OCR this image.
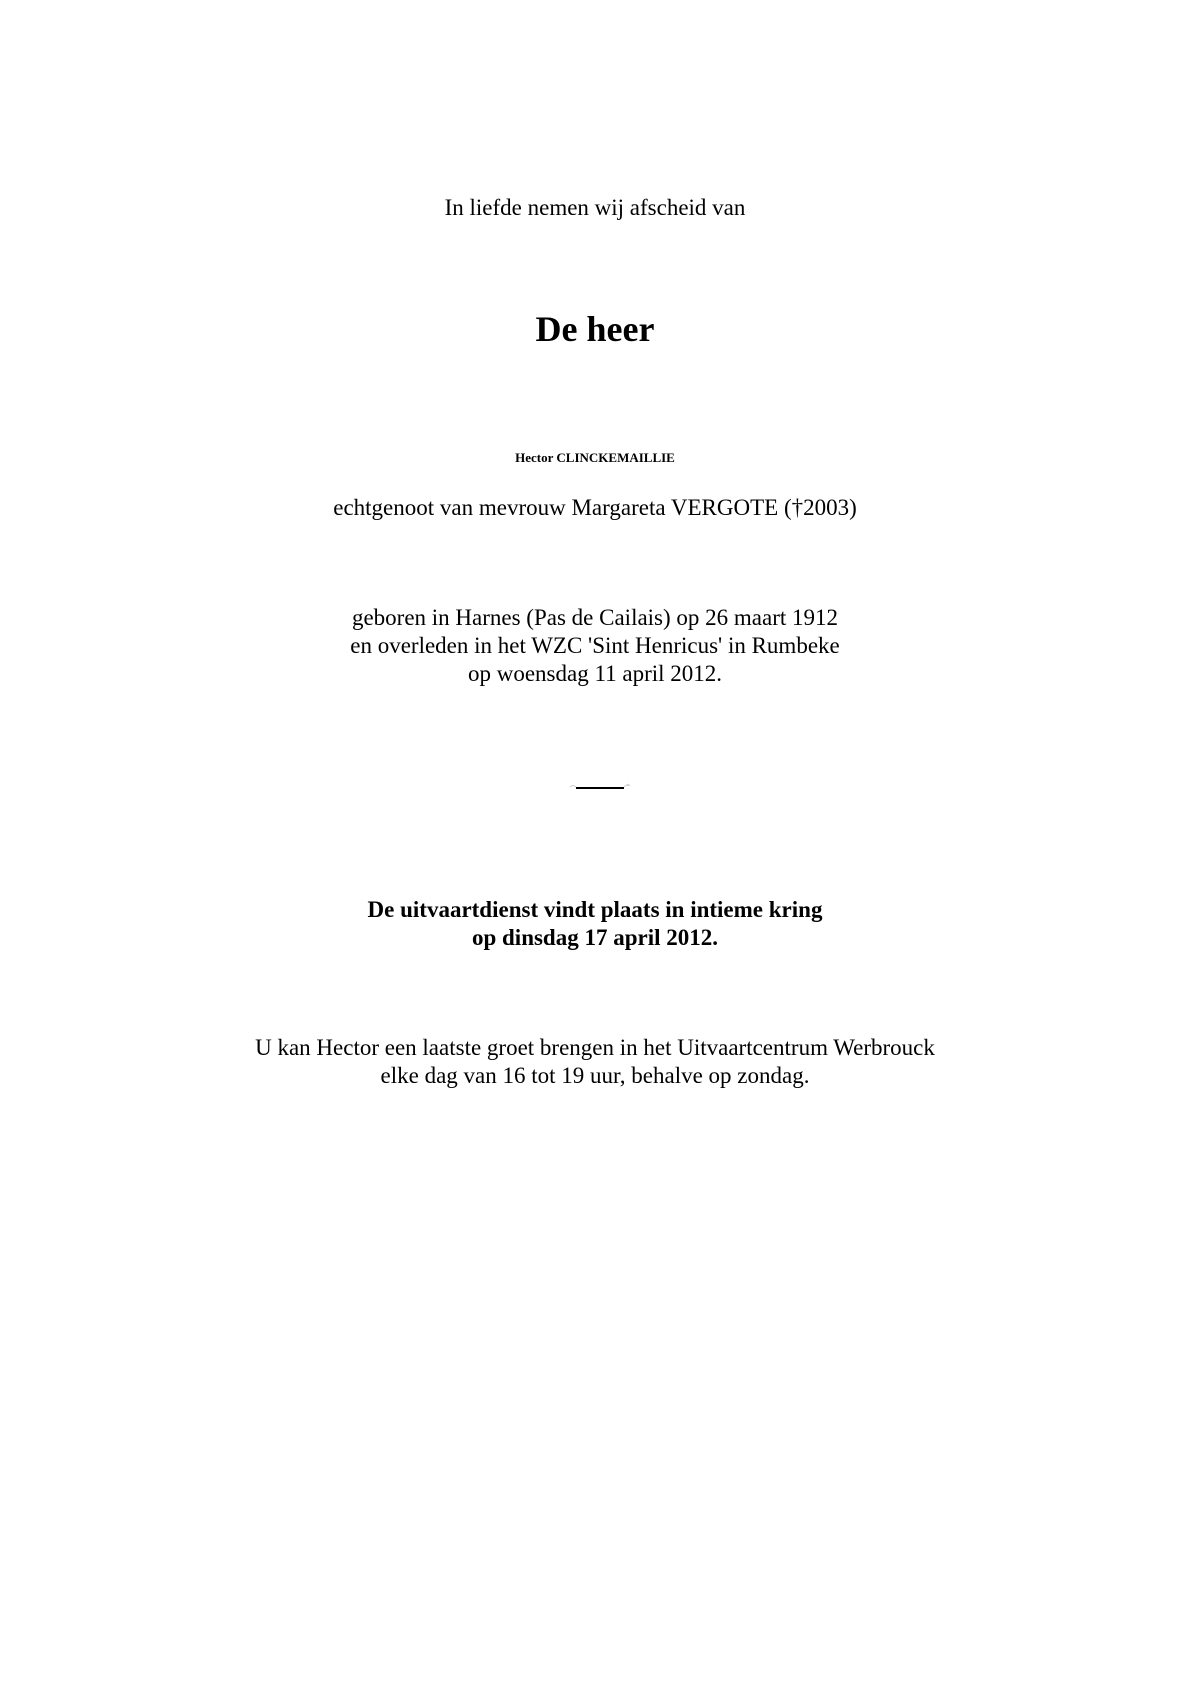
In liefde nemen wij afscheid van
De heer
Hector CLINCKEMAILLIE
echtgenoot van mevrouw Margareta VERGOTE (†2003)
geboren in Harnes (Pas de Cailais) op 26 maart 1912
en overleden in het WZC 'Sint Henricus' in Rumbeke
op woensdag 11 april 2012.
De uitvaartdienst vindt plaats in intieme kring
op dinsdag 17 april 2012.
U kan Hector een laatste groet brengen in het Uitvaartcentrum Werbrouck
elke dag van 16 tot 19 uur, behalve op zondag.
